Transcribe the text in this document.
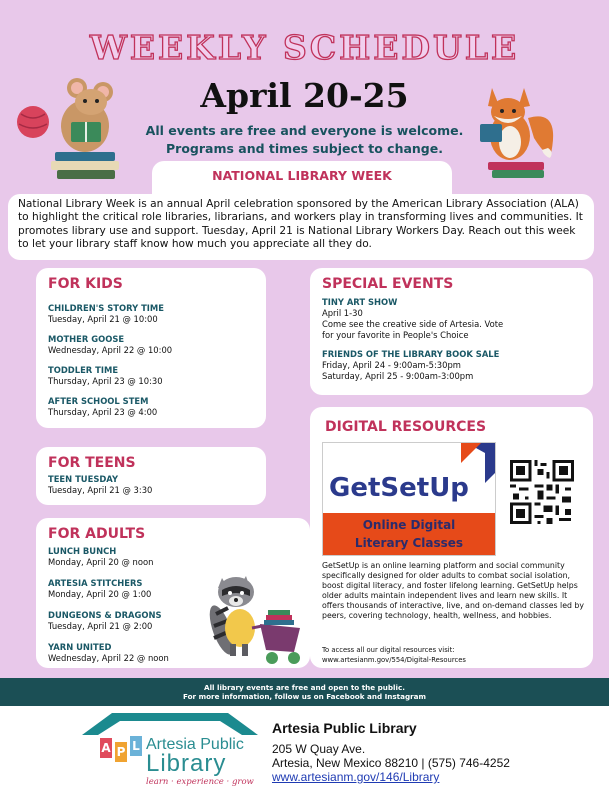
WEEKLY SCHEDULE
April 20-25
All events are free and everyone is welcome.
Programs and times subject to change.
NATIONAL LIBRARY WEEK
National Library Week is an annual April celebration sponsored by the American Library Association (ALA) to highlight the critical role libraries, librarians, and workers play in transforming lives and communities. It promotes library use and support. Tuesday, April 21 is National Library Workers Day. Reach out this week to let your library staff know how much you appreciate all they do.
FOR KIDS
CHILDREN'S STORY TIME
Tuesday, April 21 @ 10:00
MOTHER GOOSE
Wednesday, April 22 @ 10:00
TODDLER TIME
Thursday, April 23 @ 10:30
AFTER SCHOOL STEM
Thursday, April 23 @ 4:00
FOR TEENS
TEEN TUESDAY
Tuesday, April 21 @ 3:30
FOR ADULTS
LUNCH BUNCH
Monday, April 20 @ noon
ARTESIA STITCHERS
Monday, April 20 @ 1:00
DUNGEONS & DRAGONS
Tuesday, April 21 @ 2:00
YARN UNITED
Wednesday, April 22 @ noon
SPECIAL EVENTS
TINY ART SHOW
April 1-30
Come see the creative side of Artesia. Vote
for your favorite in People's Choice
FRIENDS OF THE LIBRARY BOOK SALE
Friday, April 24 - 9:00am-5:30pm
Saturday, April 25 - 9:00am-3:00pm
DIGITAL RESOURCES
GetSetUp
Online Digital
Literary Classes
GetSetUp is an online learning platform and social community specifically designed for older adults to combat social isolation, boost digital literacy, and foster lifelong learning. GetSetUp helps older adults maintain independent lives and learn new skills. It offers thousands of interactive, live, and on-demand classes led by peers, covering technology, health, wellness, and hobbies.
To access all our digital resources visit:
www.artesianm.gov/554/Digital-Resources
All library events are free and open to the public.
For more information, follow us on Facebook and Instagram
A P L Artesia Public
Library
learn · experience · grow
Artesia Public Library
205 W Quay Ave.
Artesia, New Mexico 88210 | (575) 746-4252
www.artesianm.gov/146/Library
